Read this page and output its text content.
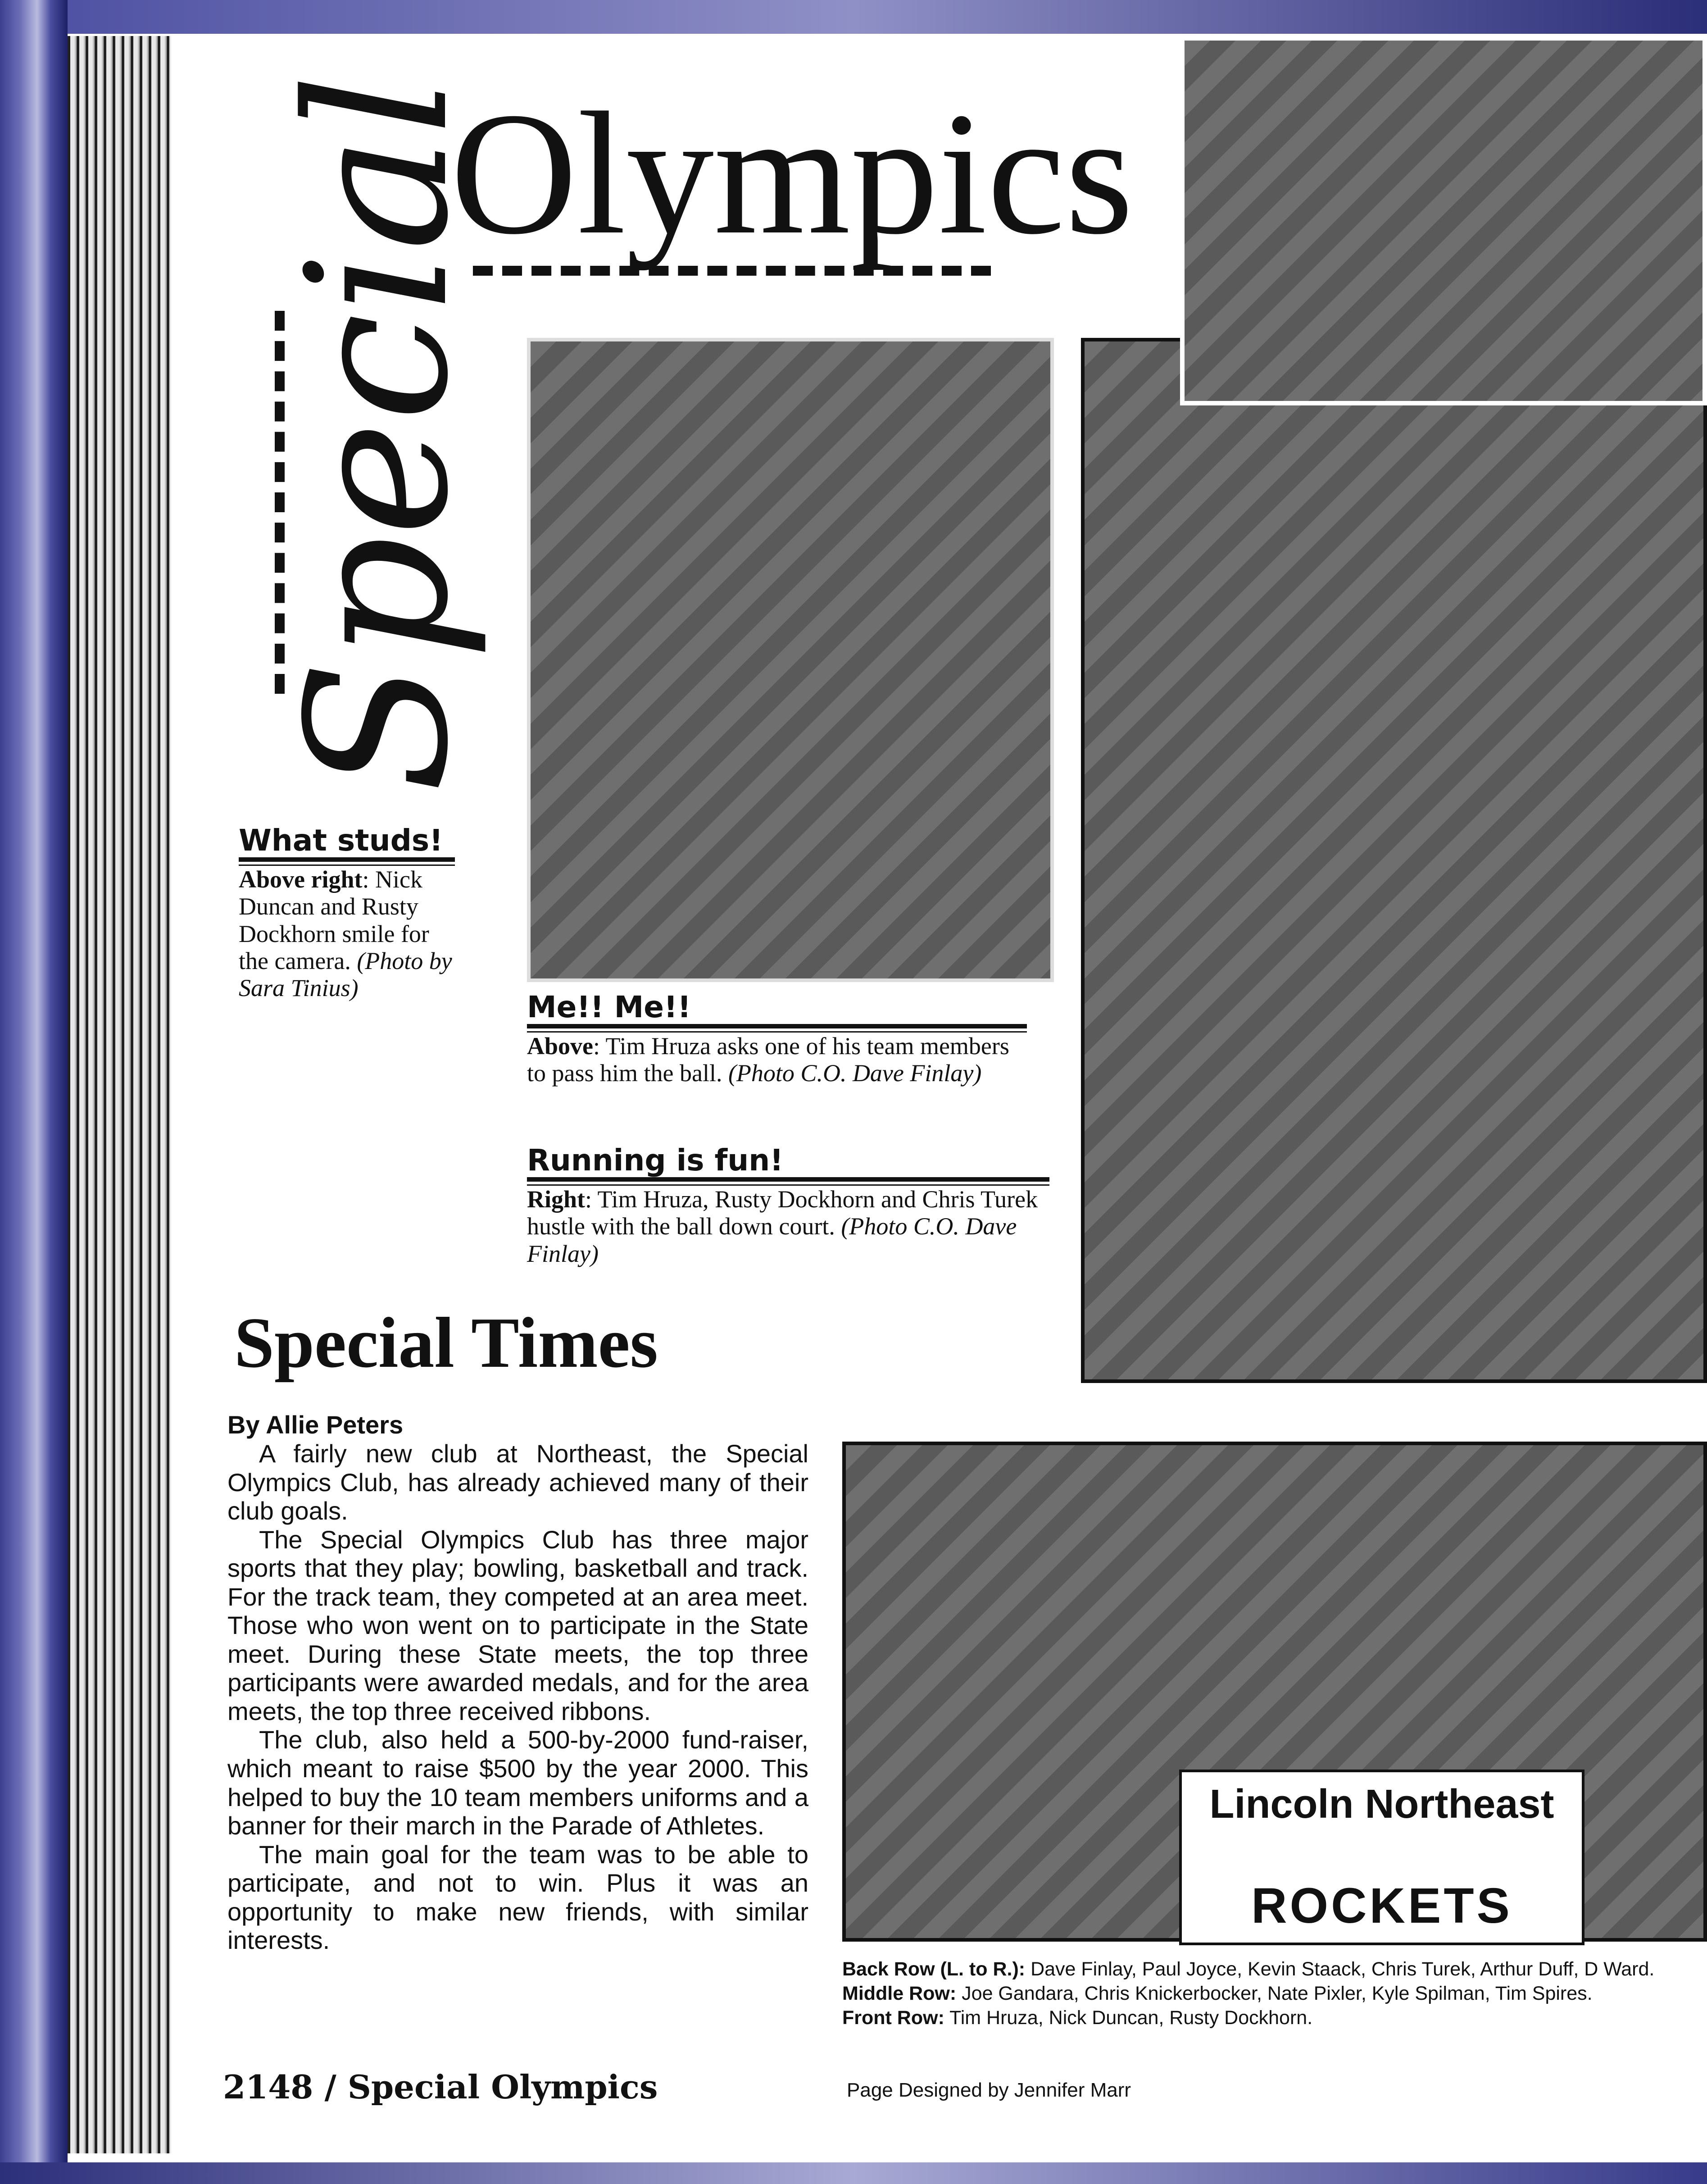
Olympics
Special
Lincoln Northeast
ROCKETS
What studs!
Above right: Nick Duncan and Rusty Dockhorn smile for the camera. (Photo by Sara Tinius)
Me!! Me!!
Above: Tim Hruza asks one of his team members to pass him the ball. (Photo C.O. Dave Finlay)
Running is fun!
Right: Tim Hruza, Rusty Dockhorn and Chris Turek hustle with the ball down court. (Photo C.O. Dave Finlay)
Special Times
By Allie Peters

A fairly new club at Northeast, the Special Olympics Club, has already achieved many of their club goals.

The Special Olympics Club has three major sports that they play; bowling, basketball and track. For the track team, they competed at an area meet. Those who won went on to participate in the State meet. During these State meets, the top three participants were awarded medals, and for the area meets, the top three received ribbons.

The club, also held a 500-by-2000 fund-raiser, which meant to raise $500 by the year 2000. This helped to buy the 10 team members uniforms and a banner for their march in the Parade of Athletes.

The main goal for the team was to be able to participate, and not to win. Plus it was an opportunity to make new friends, with similar interests.

Back Row (L. to R.): Dave Finlay, Paul Joyce, Kevin Staack, Chris Turek, Arthur Duff, D Ward.
Middle Row: Joe Gandara, Chris Knickerbocker, Nate Pixler, Kyle Spilman, Tim Spires.
Front Row: Tim Hruza, Nick Duncan, Rusty Dockhorn.
2148 / Special Olympics	Page Designed by Jennifer Marr
